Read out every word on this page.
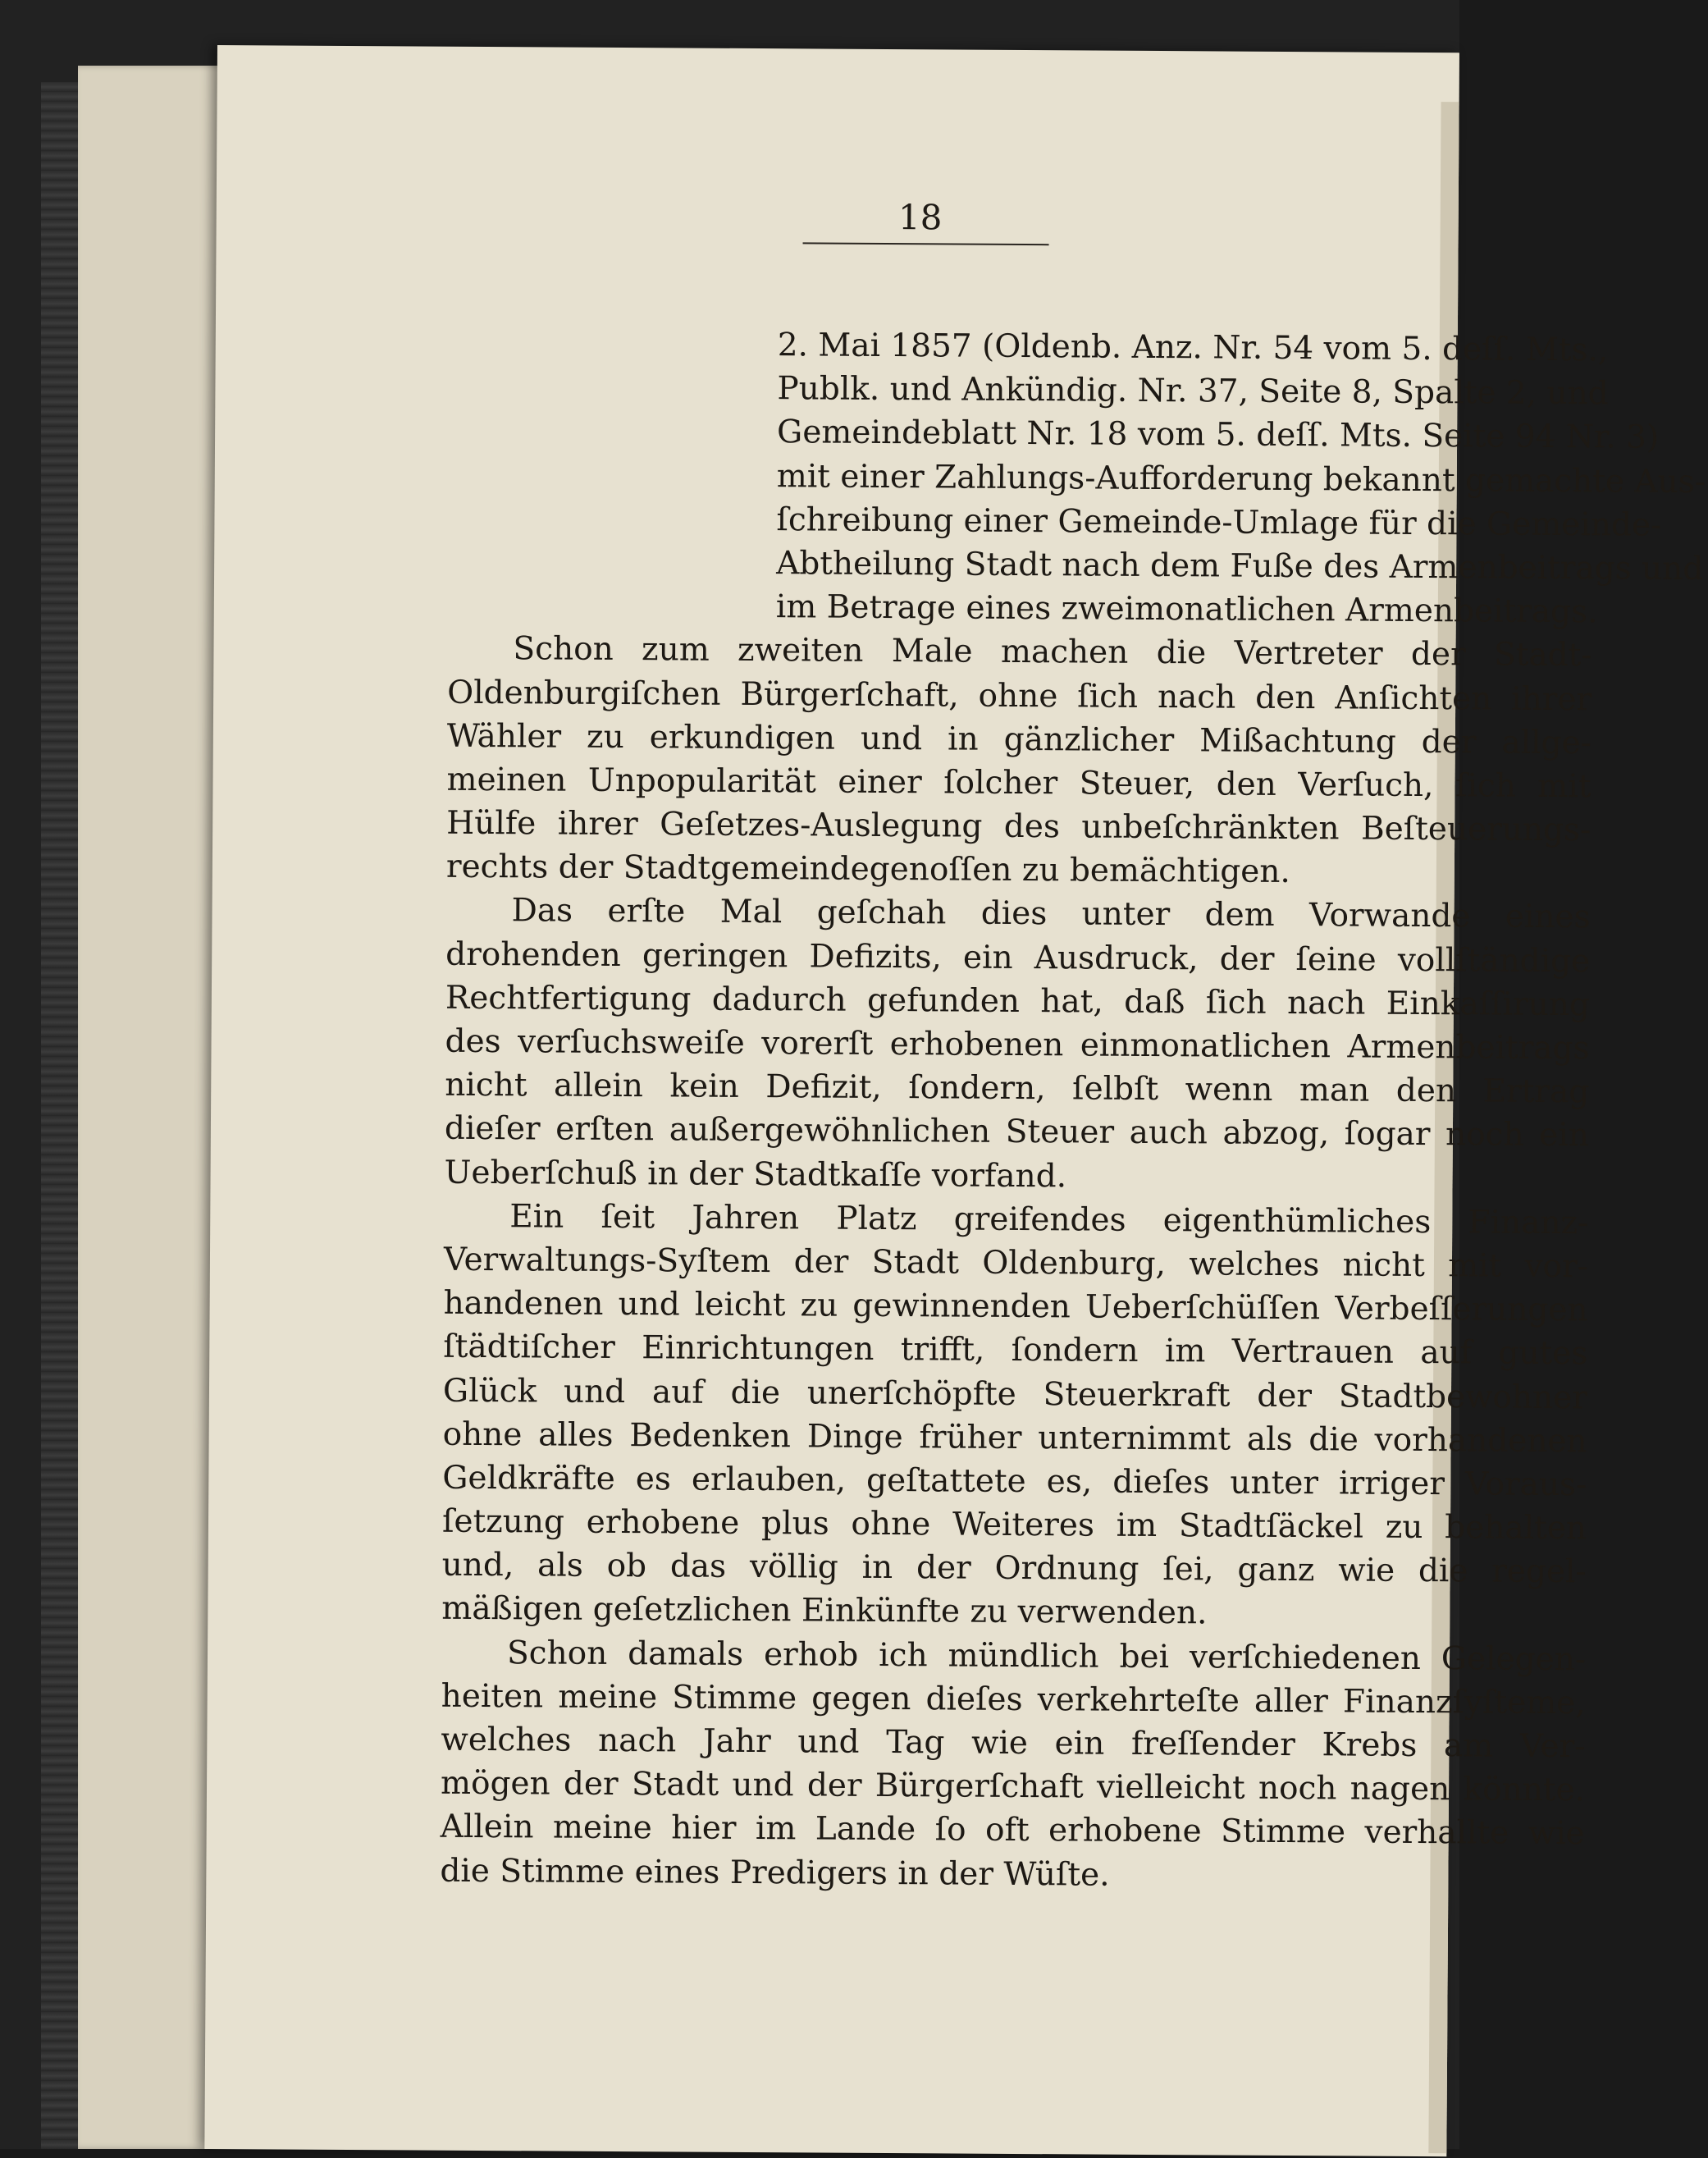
18
2. Mai 1857 (Oldenb. Anz. Nr. 54 vom 5. deſſ. Mts.,
Publk. und Ankündig. Nr. 37, Seite 8, Spalte 2, und
Gemeindeblatt Nr. 18 vom 5. deſſ. Mts. Seite 94 Nr. 3)
mit einer Zahlungs-Aufforderung bekannt gemachte Aus-
ſchreibung einer Gemeinde-Umlage für die Gemeinde-
Abtheilung Stadt nach dem Fuße des Armenbeitrags und
im Betrage eines zweimonatlichen Armenbeitrags.
Schon zum zweiten Male machen die Vertreter der Stadt-
Oldenburgiſchen Bürgerſchaft, ohne ſich nach den Anſichten ihrer
Wähler zu erkundigen und in gänzlicher Mißachtung der allge-
meinen Unpopularität einer ſolcher Steuer, den Verſuch, ſich mit
Hülfe ihrer Geſetzes-Auslegung des unbeſchränkten Beſteuerungs-
rechts der Stadtgemeindegenoſſen zu bemächtigen.
Das erſte Mal geſchah dies unter dem Vorwande eines
drohenden geringen Defizits, ein Ausdruck, der ſeine vollſtändige
Rechtfertigung dadurch gefunden hat, daß ſich nach Einkaſſirung
des verſuchsweiſe vorerſt erhobenen einmonatlichen Armenbeitrags
nicht allein kein Defizit, ſondern, ſelbſt wenn man den Ertrag
dieſer erſten außergewöhnlichen Steuer auch abzog, ſogar noch ein
Ueberſchuß in der Stadtkaſſe vorfand.
Ein ſeit Jahren Platz greifendes eigenthümliches Finanz-
Verwaltungs-Syſtem der Stadt Oldenburg, welches nicht mit vor-
handenen und leicht zu gewinnenden Ueberſchüſſen Verbeſſerungen
ſtädtiſcher Einrichtungen trifft, ſondern im Vertrauen auf gutes
Glück und auf die unerſchöpfte Steuerkraft der Stadtbewohner
ohne alles Bedenken Dinge früher unternimmt als die vorhandenen
Geldkräfte es erlauben, geſtattete es, dieſes unter irriger Voraus-
ſetzung erhobene plus ohne Weiteres im Stadtſäckel zu behalten
und, als ob das völlig in der Ordnung ſei, ganz wie die regel-
mäßigen geſetzlichen Einkünfte zu verwenden.
Schon damals erhob ich mündlich bei verſchiedenen Gelegen-
heiten meine Stimme gegen dieſes verkehrteſte aller Finanzſyſteme,
welches nach Jahr und Tag wie ein freſſender Krebs am Ver-
mögen der Stadt und der Bürgerſchaft vielleicht noch nagen könnte.
Allein meine hier im Lande ſo oft erhobene Stimme verhallte wie
die Stimme eines Predigers in der Wüſte.
